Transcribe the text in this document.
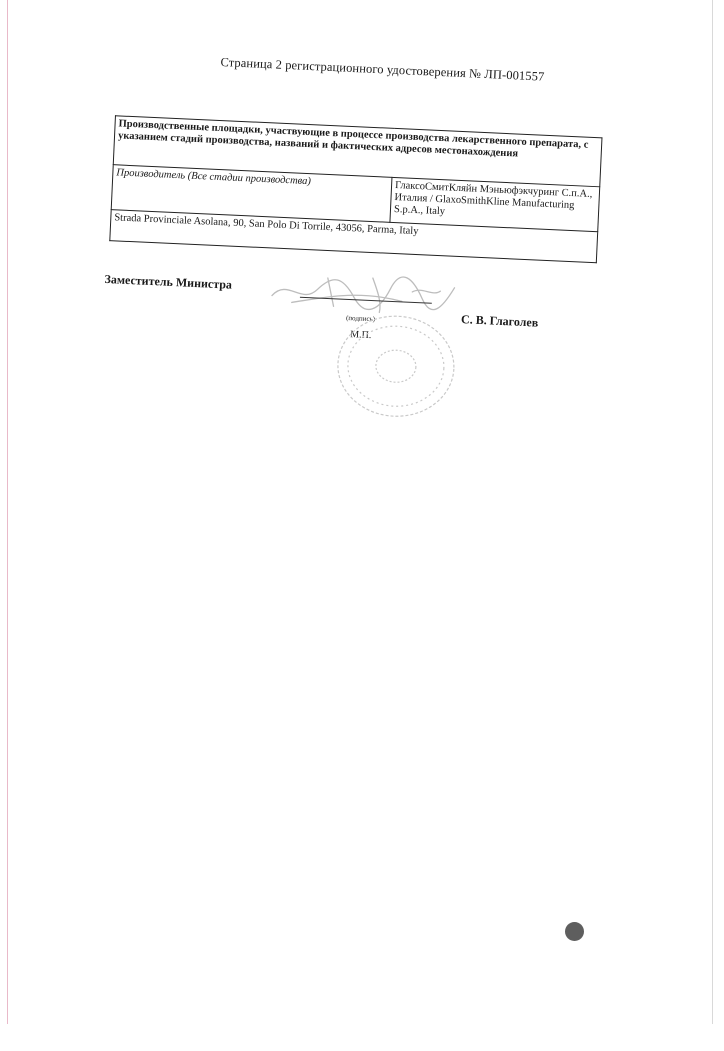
Страница 2 регистрационного удостоверения № ЛП-001557
Производственные площадки, участвующие в процессе производства лекарственного препарата, с указанием стадий производства, названий и фактических адресов местонахождения
Производитель (Все стадии производства)	ГлаксоСмитКляйн Мэньюфэкчуринг С.п.А., Италия / GlaxoSmithKline Manufacturing S.p.A., Italy
Strada Provinciale Asolana, 90, San Polo Di Torrile, 43056, Parma, Italy
Заместитель Министра
(подпись)
М.П.
С. В. Глаголев
